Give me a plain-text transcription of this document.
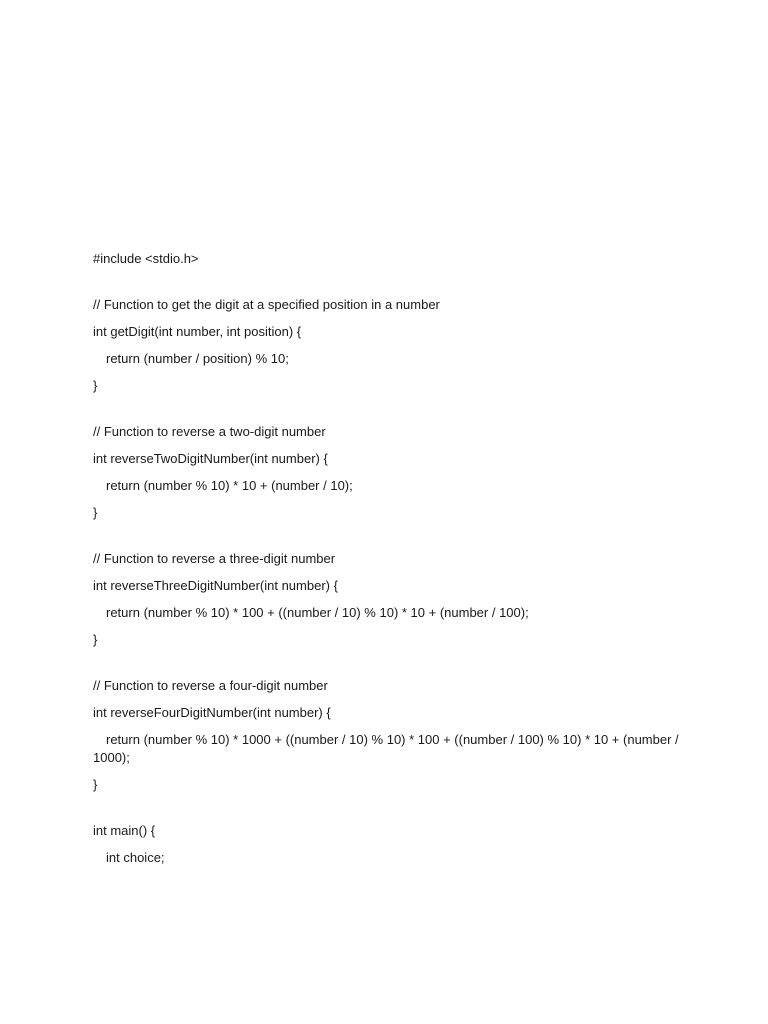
#include <stdio.h>
// Function to get the digit at a specified position in a number
int getDigit(int number, int position) {
return (number / position) % 10;
}
// Function to reverse a two-digit number
int reverseTwoDigitNumber(int number) {
return (number % 10) * 10 + (number / 10);
}
// Function to reverse a three-digit number
int reverseThreeDigitNumber(int number) {
return (number % 10) * 100 + ((number / 10) % 10) * 10 + (number / 100);
}
// Function to reverse a four-digit number
int reverseFourDigitNumber(int number) {
return (number % 10) * 1000 + ((number / 10) % 10) * 100 + ((number / 100) % 10) * 10 + (number / 1000);
}
int main() {
int choice;
